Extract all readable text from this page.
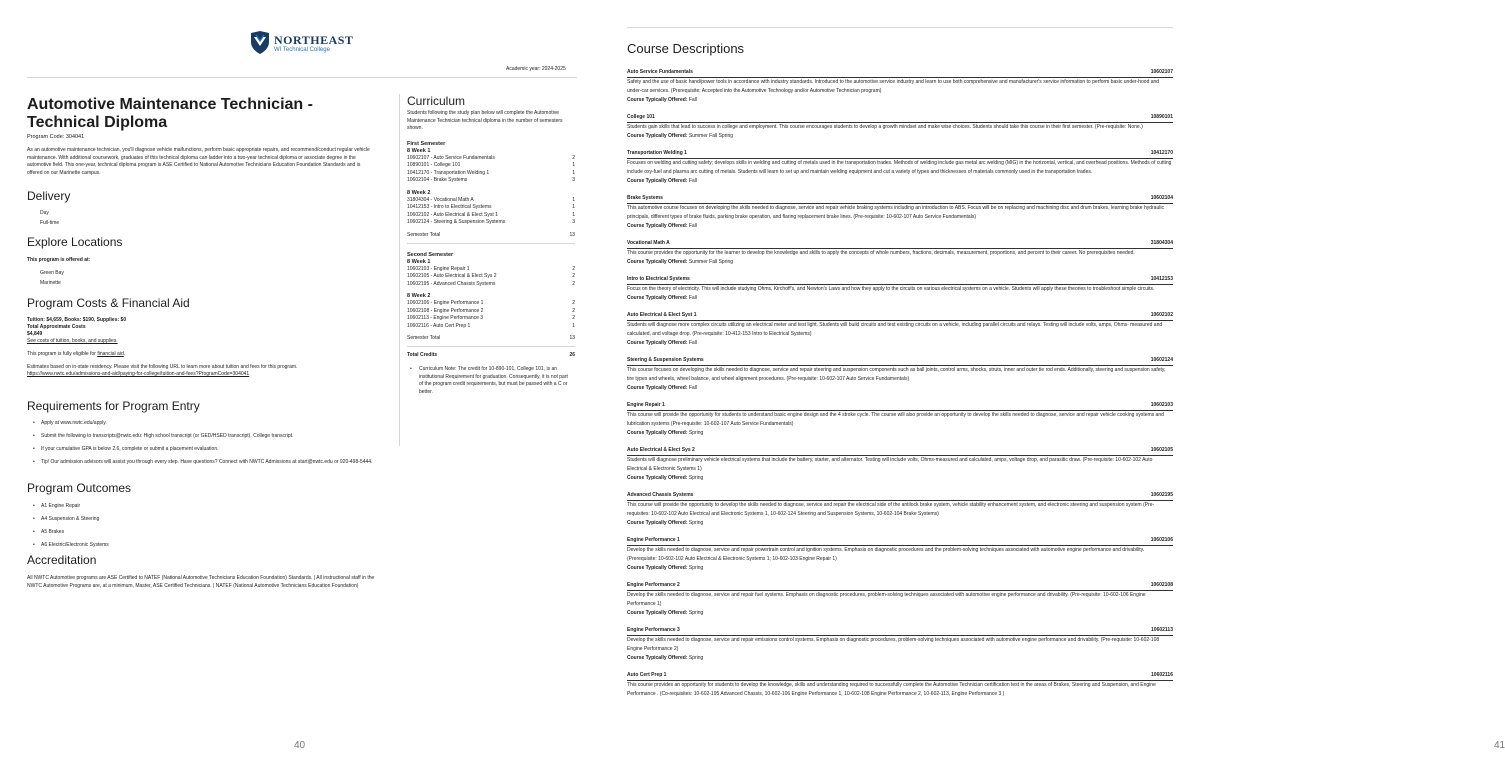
NORTHEAST
WI Technical College
Academic year: 2024-2025
Automotive Maintenance Technician - Technical Diploma
Program Code: 304041
As an automotive maintenance technician, you'll diagnose vehicle malfunctions, perform basic appropriate repairs, and recommend/conduct regular vehicle maintenance. With additional coursework, graduates of this technical diploma can ladder into a two-year technical diploma or associate degree in the automotive field. This one-year, technical diploma program is ASE Certified to National Automotive Technicians Education Foundation Standards and is offered on our Marinette campus.
Delivery
Day
Full-time
Explore Locations
This program is offered at:
Green Bay
Marinette
Program Costs & Financial Aid
Tuition: $4,659, Books: $190, Supplies: $0
Total Approximate Costs
$4,849
See costs of tuition, books, and supplies.
This program is fully eligible for financial aid.
Estimates based on in-state residency. Please visit the following URL to learn more about tuition and fees for this program.
https://www.nwtc.edu/admissions-and-aid/paying-for-college/tuition-and-fees?ProgramCode=304041
Requirements for Program Entry
• Apply at www.nwtc.edu/apply.
• Submit the following to transcripts@nwtc.edu: High school transcript (or GED/HSED transcript). College transcript.
• If your cumulative GPA is below 2.6, complete or submit a placement evaluation.
• Tip! Our admission advisors will assist you through every step. Have questions? Connect with NWTC Admissions at start@nwtc.edu or 920-498-5444.
Program Outcomes
• A1 Engine Repair
• A4 Suspension & Steering
• A5 Brakes
• A6 Electric/Electronic Systems
Accreditation
All NWTC Automotive programs are ASE Certified to NATEF (National Automotive Technicians Education Foundation) Standards. | All instructional staff in the NWTC Automotive Programs are, at a minimum, Master, ASE Certified Technicians. | NATEF (National Automotive Technicians Education Foundation)
Curriculum
Students following the study plan below will complete the Automotive Maintenance Technician technical diploma in the number of semesters shown.
First Semester
8 Week 1
10602107 - Auto Service Fundamentals	2
10890101 - College 101	1
10412170 - Transportation Welding 1	1
10602104 - Brake Systems	3
8 Week 2
31804304 - Vocational Math A	1
10412153 - Intro to Electrical Systems	1
10602102 - Auto Electrical & Elect Syst 1	1
10602124 - Steering & Suspension Systems	3
Semester Total	13
Second Semester
8 Week 1
10602103 - Engine Repair 1	2
10602105 - Auto Electrical & Elect Sys 2	2
10602195 - Advanced Chassis Systems	2
8 Week 2
10602106 - Engine Performance 1	2
10602108 - Engine Performance 2	2
10602113 - Engine Performance 3	2
10602116 - Auto Cert Prep 1	1
Semester Total	13
Total Credits	26
• Curriculum Note: The credit for 10-890-101, College 101, is an institutional Requirement for graduation. Consequently, it is not part of the program credit requirements, but must be passed with a C or better.
40
Course Descriptions
Auto Service Fundamentals	10602107
Safety and the use of basic hand/power tools in accordance with industry standards. Introduced to the automotive service industry and learn to use both comprehensive and manufacturer's service information to perform basic under-hood and under-car services. (Prerequisite: Accepted into the Automotive Technology and/or Automotive Technician program)
Course Typically Offered: Fall
College 101	10890101
Students gain skills that lead to success in college and employment. This course encourages students to develop a growth mindset and make wise choices. Students should take this course in their first semester. (Pre-requisite: None.)
Course Typically Offered: Summer Fall Spring
Transportation Welding 1	10412170
Focuses on welding and cutting safety; develops skills in welding and cutting of metals used in the transportation trades. Methods of welding include gas metal arc welding (MIG) in the horizontal, vertical, and overhead positions. Methods of cutting include oxy-fuel and plasma arc cutting of metals. Students will learn to set up and maintain welding equipment and cut a variety of types and thicknesses of materials commonly used in the transportation trades.
Course Typically Offered: Fall
Brake Systems	10602104
This automotive course focuses on developing the skills needed to diagnose, service and repair vehicle braking systems including an introduction to ABS. Focus will be on replacing and machining disc and drum brakes, learning brake hydraulic principals, different types of brake fluids, parking brake operation, and flaring replacement brake lines. (Pre-requisite: 10-602-107 Auto Service Fundamentals)
Course Typically Offered: Fall
Vocational Math A	31804304
This course provides the opportunity for the learner to develop the knowledge and skills to apply the concepts of whole numbers, fractions, decimals, measurement, proportions, and percent to their career. No prerequisites needed.
Course Typically Offered: Summer Fall Spring
Intro to Electrical Systems	10412153
Focus on the theory of electricity. This will include studying Ohms, Kirchoff's, and Newton's Laws and how they apply to the circuits on various electrical systems on a vehicle. Students will apply these theories to troubleshoot simple circuits.
Course Typically Offered: Fall
Auto Electrical & Elect Syst 1	10602102
Students will diagnose more complex circuits utilizing an electrical meter and test light. Students will build circuits and test existing circuits on a vehicle, including parallel circuits and relays. Testing will include volts, amps, Ohms- measured and calculated, and voltage drop. (Pre-requisite: 10-412-153 Intro to Electrical Systems)
Course Typically Offered: Fall
Steering & Suspension Systems	10602124
This course focuses on developing the skills needed to diagnose, service and repair steering and suspension components such as ball joints, control arms, shocks, struts, inner and outer tie rod ends. Additionally, steering and suspension safety, tire types and wheels, wheel balance, and wheel alignment procedures. (Pre-requisite: 10-602-107 Auto Service Fundamentals)
Course Typically Offered: Fall
Engine Repair 1	10602103
This course will provide the opportunity for students to understand basic engine design and the 4 stroke cycle. The course will also provide an opportunity to develop the skills needed to diagnose, service and repair vehicle cooking systems and lubrication systems (Pre-requisite: 10-602-107 Auto Service Fundamentals)
Course Typically Offered: Spring
Auto Electrical & Elect Sys 2	10602105
Students will diagnose preliminary vehicle electrical systems that include the battery, starter, and alternator. Testing will include volts, Ohms-measured and calculated, amps, voltage drop, and parasitic draw. (Pre-requisite: 10-602-102 Auto Electrical & Electronic Systems 1)
Course Typically Offered: Spring
Advanced Chassis Systems	10602195
This course will provide the opportunity to develop the skills needed to diagnose, service and repair the electrical side of the antilock brake system, vehicle stability enhancement system, and electronic steering and suspension system (Pre-requisites: 10-602-102 Auto Electrical and Electronic Systems 1, 10-602-124 Steering and Suspension Systems, 10-602-104 Brake Systems)
Course Typically Offered: Spring
Engine Performance 1	10602106
Develop the skills needed to diagnose, service and repair powertrain control and ignition systems. Emphasis on diagnostic procedures and the problem-solving techniques associated with automotive engine performance and drivability. (Prerequisite: 10-602-102 Auto Electrical & Electronic Systems 1; 10-602-103 Engine Repair 1)
Course Typically Offered: Spring
Engine Performance 2	10602108
Develop the skills needed to diagnose, service and repair fuel systems. Emphasis on diagnostic procedures, problem-solving techniques associated with automotive engine performance and drivability. (Pre-requisite: 10-602-106 Engine Performance 1)
Course Typically Offered: Spring
Engine Performance 3	10602113
Develop the skills needed to diagnose, service and repair emissions control systems. Emphasis on diagnostic procedures, problem-solving techniques associated with automotive engine performance and drivability. (Pre-requisite: 10-602-108 Engine Performance 2)
Course Typically Offered: Spring
Auto Cert Prep 1	10602116
This course provides an opportunity for students to develop the knowledge, skills and understanding required to successfully complete the Automotive Technician certification test in the areas of Brakes, Steering and Suspension, and Engine Performance . (Co-requisites: 10-602-195 Advanced Chassis, 10-602-106 Engine Performance 1, 10-602-108 Engine Performance 2, 10-602-113, Engine Performance 3 )
41
